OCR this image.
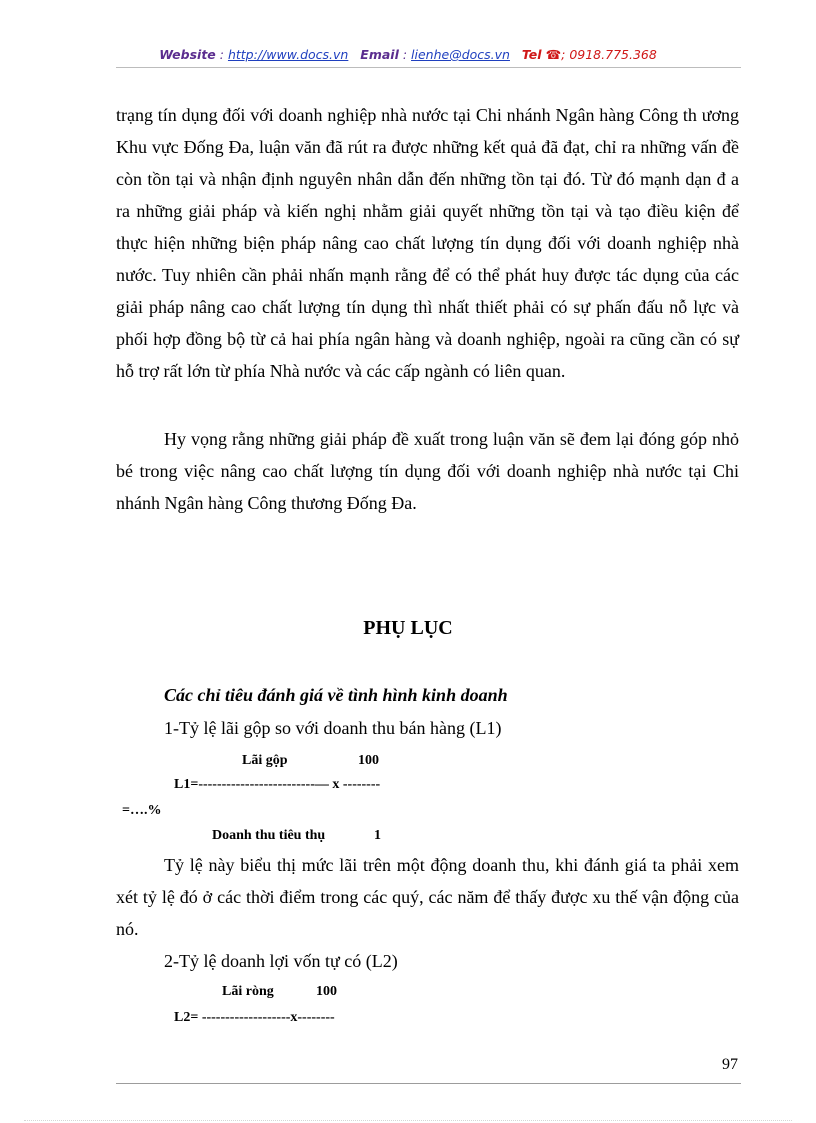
Website : http://www.docs.vn Email : lienhe@docs.vn Tel ☎; 0918.775.368

trạng tín dụng đối với doanh nghiệp nhà nước tại Chi nhánh Ngân hàng Công th ương Khu vực Đống Đa, luận văn đã rút ra được những kết quả đã đạt, chỉ ra những vấn đề còn tồn tại và nhận định nguyên nhân dẫn đến những tồn tại đó. Từ đó mạnh dạn đ a ra những giải pháp và kiến nghị nhằm giải quyết những tồn tại và tạo điều kiện để thực hiện những biện pháp nâng cao chất lượng tín dụng đối với doanh nghiệp nhà nước. Tuy nhiên cần phải nhấn mạnh rằng để có thể phát huy được tác dụng của các giải pháp nâng cao chất lượng tín dụng thì nhất thiết phải có sự phấn đấu nỗ lực và phối hợp đồng bộ từ cả hai phía ngân hàng và doanh nghiệp, ngoài ra cũng cần có sự hỗ trợ rất lớn từ phía Nhà nước và các cấp ngành có liên quan.

Hy vọng rằng những giải pháp đề xuất trong luận văn sẽ đem lại đóng góp nhỏ bé trong việc nâng cao chất lượng tín dụng đối với doanh nghiệp nhà nước tại Chi nhánh Ngân hàng Công thương Đống Đa.

PHỤ LỤC

Các chỉ tiêu đánh giá về tình hình kinh doanh

1-Tỷ lệ lãi gộp so với doanh thu bán hàng (L1)

Lãi gộp	100
L1=-------------------------— x --------
=….%
Doanh thu tiêu thụ	1

Tỷ lệ này biểu thị mức lãi trên một động doanh thu, khi đánh giá ta phải xem xét tỷ lệ đó ở các thời điểm trong các quý, các năm để thấy được xu thế vận động của nó.

2-Tỷ lệ doanh lợi vốn tự có (L2)

Lãi ròng	100
L2= -------------------x--------
97
